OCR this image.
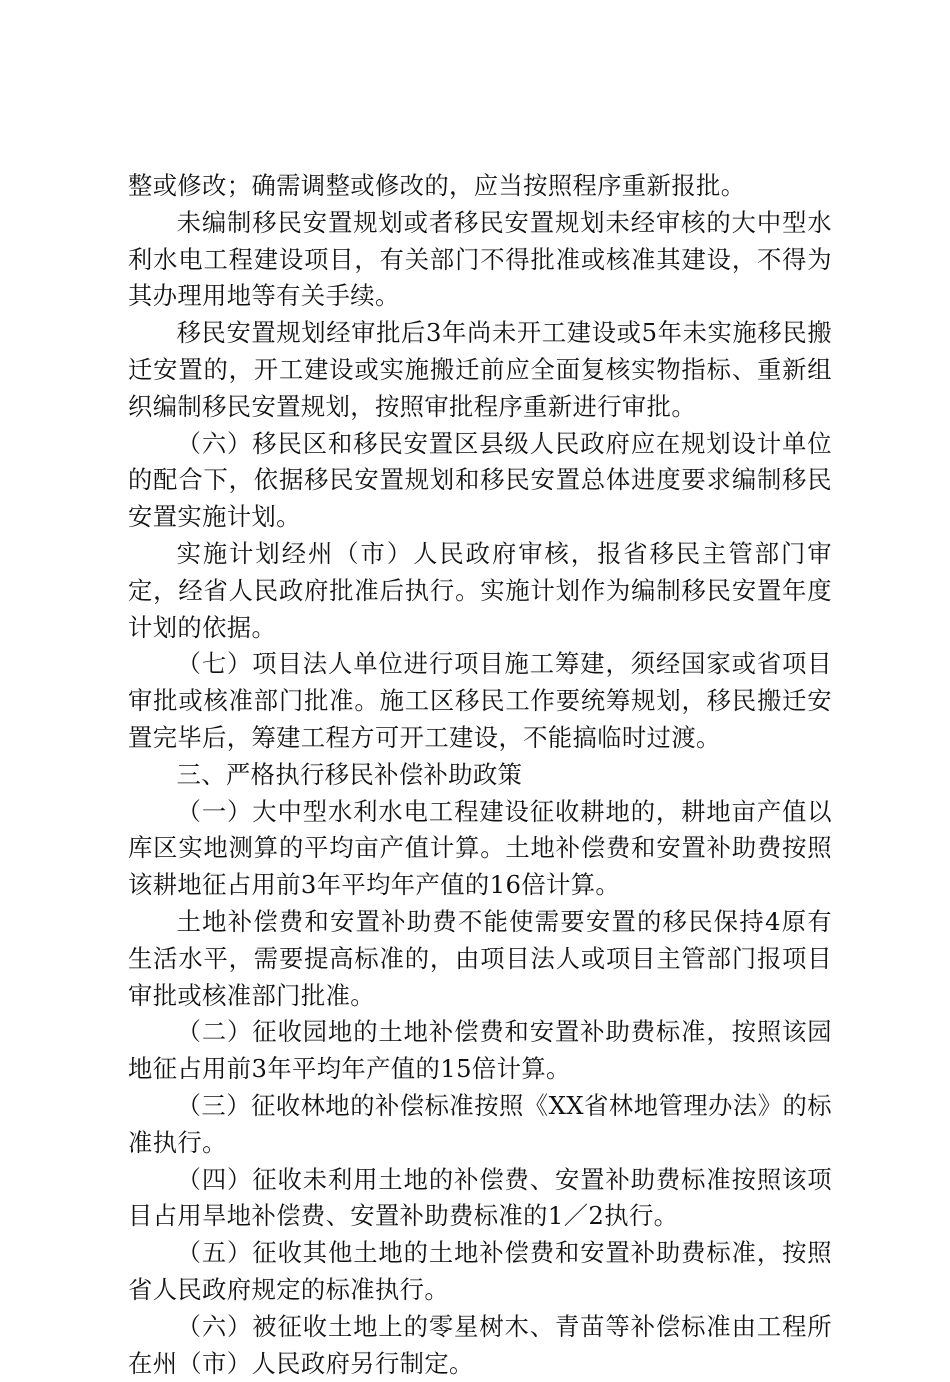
整或修改；确需调整或修改的，应当按照程序重新报批。

未编制移民安置规划或者移民安置规划未经审核的大中型水利水电工程建设项目，有关部门不得批准或核准其建设，不得为其办理用地等有关手续。

移民安置规划经审批后3年尚未开工建设或5年未实施移民搬迁安置的，开工建设或实施搬迁前应全面复核实物指标、重新组织编制移民安置规划，按照审批程序重新进行审批。

（六）移民区和移民安置区县级人民政府应在规划设计单位的配合下，依据移民安置规划和移民安置总体进度要求编制移民安置实施计划。

实施计划经州（市）人民政府审核，报省移民主管部门审定，经省人民政府批准后执行。实施计划作为编制移民安置年度计划的依据。

（七）项目法人单位进行项目施工筹建，须经国家或省项目审批或核准部门批准。施工区移民工作要统筹规划，移民搬迁安置完毕后，筹建工程方可开工建设，不能搞临时过渡。

三、严格执行移民补偿补助政策

（一）大中型水利水电工程建设征收耕地的，耕地亩产值以库区实地测算的平均亩产值计算。土地补偿费和安置补助费按照该耕地征占用前3年平均年产值的16倍计算。

土地补偿费和安置补助费不能使需要安置的移民保持4原有生活水平，需要提高标准的，由项目法人或项目主管部门报项目审批或核准部门批准。

（二）征收园地的土地补偿费和安置补助费标准，按照该园地征占用前3年平均年产值的15倍计算。

（三）征收林地的补偿标准按照《XX省林地管理办法》的标准执行。

（四）征收未利用土地的补偿费、安置补助费标准按照该项目占用旱地补偿费、安置补助费标准的1／2执行。

（五）征收其他土地的土地补偿费和安置补助费标准，按照省人民政府规定的标准执行。

（六）被征收土地上的零星树木、青苗等补偿标准由工程所在州（市）人民政府另行制定。
